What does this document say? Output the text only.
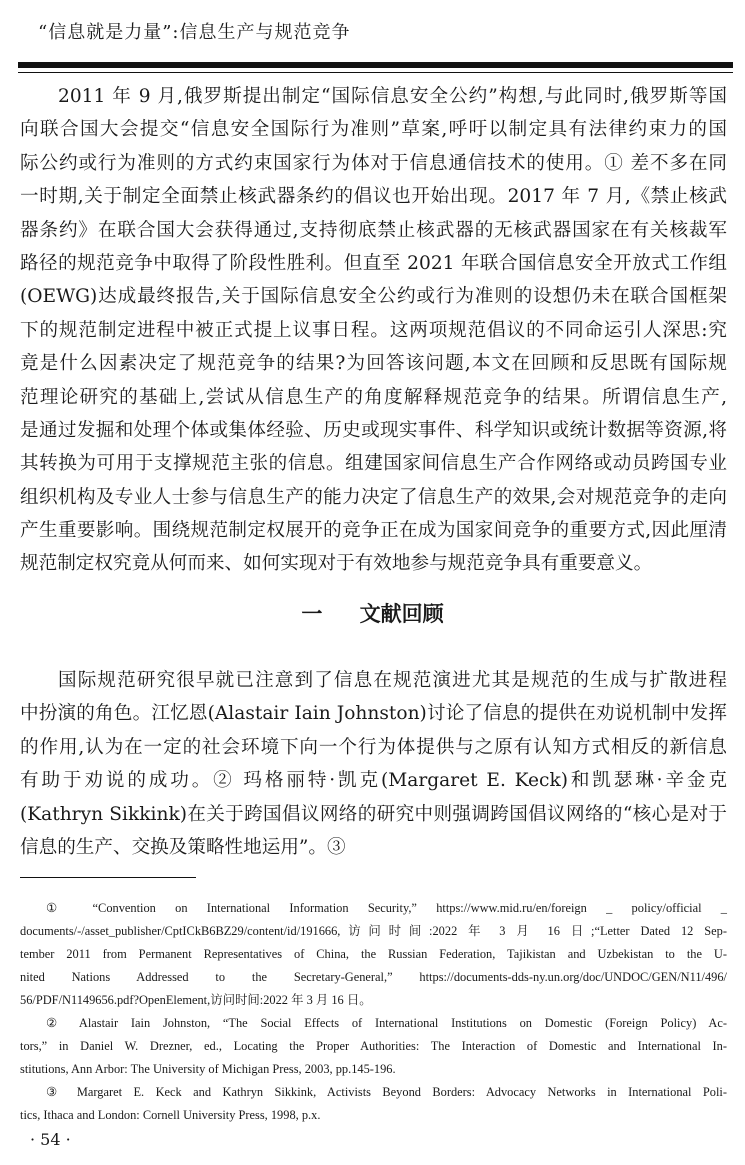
“信息就是力量”:信息生产与规范竞争
2011 年 9 月,俄罗斯提出制定“国际信息安全公约”构想,与此同时,俄罗斯等国
向联合国大会提交“信息安全国际行为准则”草案,呼吁以制定具有法律约束力的国
际公约或行为准则的方式约束国家行为体对于信息通信技术的使用。① 差不多在同
一时期,关于制定全面禁止核武器条约的倡议也开始出现。2017 年 7 月,《禁止核武
器条约》在联合国大会获得通过,支持彻底禁止核武器的无核武器国家在有关核裁军
路径的规范竞争中取得了阶段性胜利。但直至 2021 年联合国信息安全开放式工作组
(OEWG)达成最终报告,关于国际信息安全公约或行为准则的设想仍未在联合国框架
下的规范制定进程中被正式提上议事日程。这两项规范倡议的不同命运引人深思:究
竟是什么因素决定了规范竞争的结果?为回答该问题,本文在回顾和反思既有国际规
范理论研究的基础上,尝试从信息生产的角度解释规范竞争的结果。所谓信息生产,
是通过发掘和处理个体或集体经验、历史或现实事件、科学知识或统计数据等资源,将
其转换为可用于支撑规范主张的信息。组建国家间信息生产合作网络或动员跨国专业
组织机构及专业人士参与信息生产的能力决定了信息生产的效果,会对规范竞争的走向
产生重要影响。围绕规范制定权展开的竞争正在成为国家间竞争的重要方式,因此厘清
规范制定权究竟从何而来、如何实现对于有效地参与规范竞争具有重要意义。
一 文献回顾
国际规范研究很早就已注意到了信息在规范演进尤其是规范的生成与扩散进程
中扮演的角色。江忆恩(Alastair Iain Johnston)讨论了信息的提供在劝说机制中发挥
的作用,认为在一定的社会环境下向一个行为体提供与之原有认知方式相反的新信息
有助于劝说的成功。② 玛格丽特·凯克(Margaret E. Keck)和凯瑟琳·辛金克
(Kathryn Sikkink)在关于跨国倡议网络的研究中则强调跨国倡议网络的“核心是对于
信息的生产、交换及策略性地运用”。③
① “Convention on International Information Security,” https://www.mid.ru/en/foreign _ policy/official _
documents/-/asset_publisher/CptICkB6BZ29/content/id/191666,访问时间:2022 年 3 月 16 日;“Letter Dated 12 Sep-
tember 2011 from Permanent Representatives of China, the Russian Federation, Tajikistan and Uzbekistan to the U-
nited Nations Addressed to the Secretary-General,” https://documents-dds-ny.un.org/doc/UNDOC/GEN/N11/496/
56/PDF/N1149656.pdf?OpenElement,访问时间:2022 年 3 月 16 日。
② Alastair Iain Johnston, “The Social Effects of International Institutions on Domestic (Foreign Policy) Ac-
tors,” in Daniel W. Drezner, ed., Locating the Proper Authorities: The Interaction of Domestic and International In-
stitutions, Ann Arbor: The University of Michigan Press, 2003, pp.145-196.
③ Margaret E. Keck and Kathryn Sikkink, Activists Beyond Borders: Advocacy Networks in International Poli-
tics, Ithaca and London: Cornell University Press, 1998, p.x.
· 54 ·
